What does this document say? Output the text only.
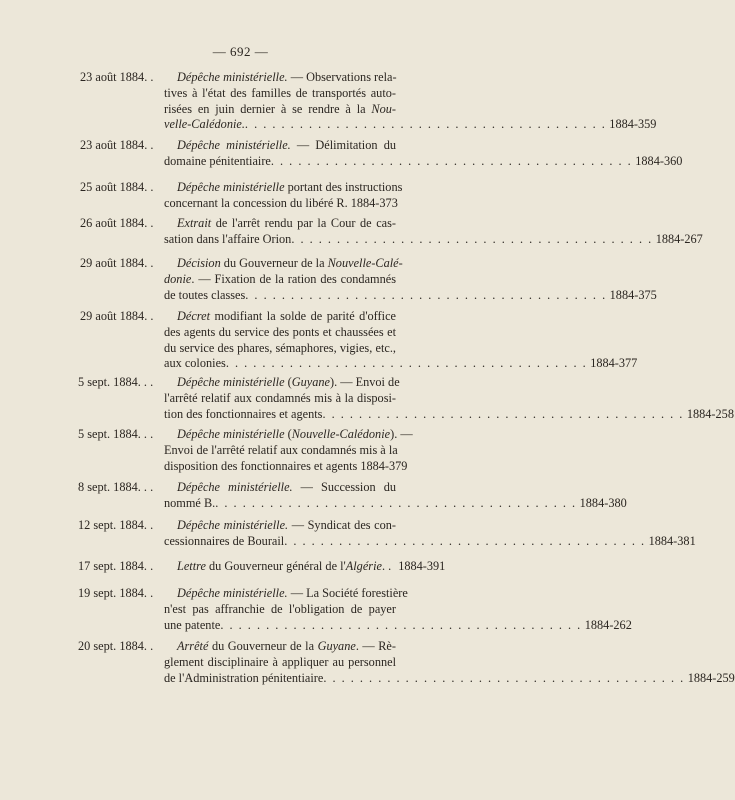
— 692 —
23 août 1884. .	Dépêche ministérielle. — Observations rela-
tives à l'état des familles de transportés auto-
risées en juin dernier à se rendre à la Nou-
velle-Calédonie. . . . . . . . . . . . . . . . . . . . . . . . . . . . . . . . . . . . . . . . . 1884-359
23 août 1884. .	Dépêche ministérielle. — Délimitation du
domaine pénitentiaire . . . . . . . . . . . . . . . . . . . . . . . . . . . . . . . . . . . . . . . . 1884-360
25 août 1884. .	Dépêche ministérielle portant des instructions
concernant la concession du libéré R. 1884-373
26 août 1884. .	Extrait de l'arrêt rendu par la Cour de cas-
sation dans l'affaire Orion . . . . . . . . . . . . . . . . . . . . . . . . . . . . . . . . . . . . . . . . 1884-267
29 août 1884. .	Décision du Gouverneur de la Nouvelle-Calé-
donie. — Fixation de la ration des condamnés
de toutes classes . . . . . . . . . . . . . . . . . . . . . . . . . . . . . . . . . . . . . . . . 1884-375
29 août 1884. .	Décret modifiant la solde de parité d'office
des agents du service des ponts et chaussées et
du service des phares, sémaphores, vigies, etc.,
aux colonies . . . . . . . . . . . . . . . . . . . . . . . . . . . . . . . . . . . . . . . . 1884-377
5 sept. 1884. . .	Dépêche ministérielle (Guyane). — Envoi de
l'arrêté relatif aux condamnés mis à la disposi-
tion des fonctionnaires et agents . . . . . . . . . . . . . . . . . . . . . . . . . . . . . . . . . . . . . . . . 1884-258
5 sept. 1884. . .	Dépêche ministérielle (Nouvelle-Calédonie). —
Envoi de l'arrêté relatif aux condamnés mis à la
disposition des fonctionnaires et agents 1884-379
8 sept. 1884. . .	Dépêche ministérielle. — Succession du
nommé B. . . . . . . . . . . . . . . . . . . . . . . . . . . . . . . . . . . . . . . . . 1884-380
12 sept. 1884. .	Dépêche ministérielle. — Syndicat des con-
cessionnaires de Bourail . . . . . . . . . . . . . . . . . . . . . . . . . . . . . . . . . . . . . . . . 1884-381
17 sept. 1884. .	Lettre du Gouverneur général de l'Algérie. . 1884-391
19 sept. 1884. .	Dépêche ministérielle. — La Société forestière
n'est pas affranchie de l'obligation de payer
une patente . . . . . . . . . . . . . . . . . . . . . . . . . . . . . . . . . . . . . . . . 1884-262
20 sept. 1884. .	Arrêté du Gouverneur de la Guyane. — Rè-
glement disciplinaire à appliquer au personnel
de l'Administration pénitentiaire . . . . . . . . . . . . . . . . . . . . . . . . . . . . . . . . . . . . . . . . 1884-259
